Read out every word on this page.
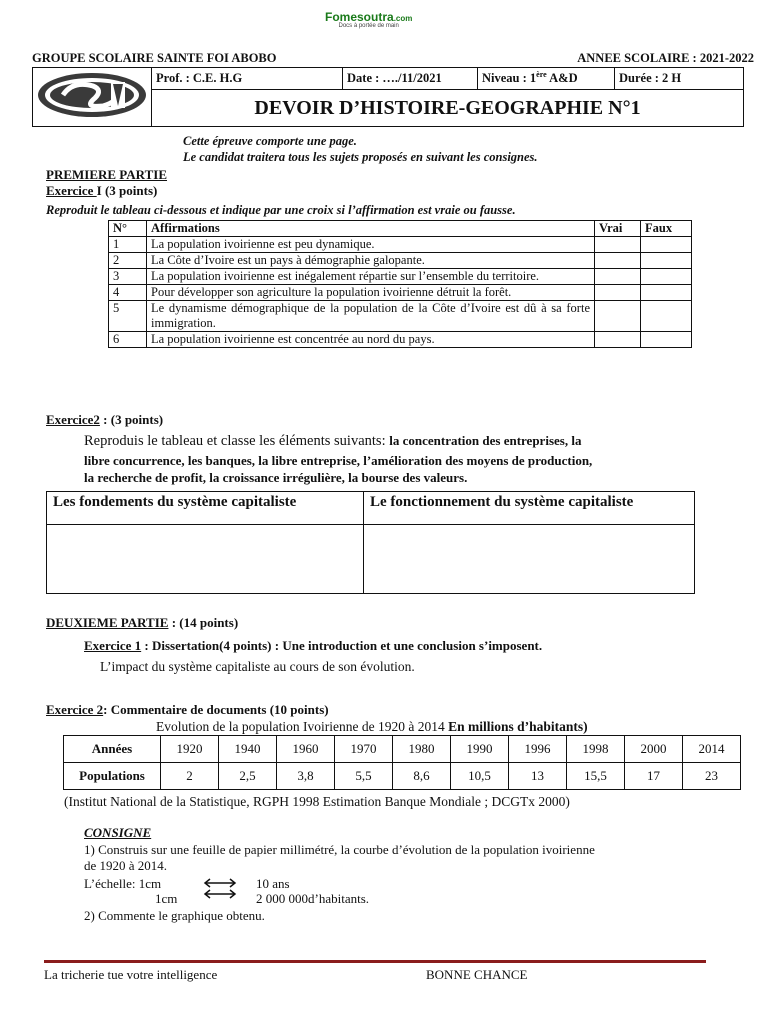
Fomesoutra.com
Docs à portée de main
GROUPE SCOLAIRE SAINTE FOI ABOBO	ANNEE SCOLAIRE : 2021-2022
	Prof. : C.E. H.G	Date : …./11/2021	Niveau : 1ère A&D	Durée : 2 H
DEVOIR D’HISTOIRE-GEOGRAPHIE N°1
Cette épreuve comporte une page.
Le candidat traitera tous les sujets proposés en suivant les consignes.
PREMIERE PARTIE
Exercice I (3 points)
Reproduit le tableau ci-dessous et indique par une croix si l’affirmation est vraie ou fausse.
N°	Affirmations	Vrai	Faux
1	La population ivoirienne est peu dynamique.		
2	La Côte d’Ivoire est un pays à démographie galopante.		
3	La population ivoirienne est inégalement répartie sur l’ensemble du territoire.		
4	Pour développer son agriculture la population ivoirienne détruit la forêt.		
5	Le dynamisme démographique de la population de la Côte d’Ivoire est dû à sa forte immigration.		
6	La population ivoirienne est concentrée au nord du pays.		
Exercice2 : (3 points)
Reproduis le tableau et classe les éléments suivants: la concentration des entreprises, la
libre concurrence, les banques, la libre entreprise, l’amélioration des moyens de production,
la recherche de profit, la croissance irrégulière, la bourse des valeurs.
Les fondements du système capitaliste	Le fonctionnement du système capitaliste

DEUXIEME PARTIE : (14 points)
Exercice 1 : Dissertation(4 points) : Une introduction et une conclusion s’imposent.
L’impact du système capitaliste au cours de son évolution.
Exercice 2: Commentaire de documents (10 points)
Evolution de la population Ivoirienne de 1920 à 2014 En millions d’habitants)
Années	1920	1940	1960	1970	1980	1990	1996	1998	2000	2014
Populations	2	2,5	3,8	5,5	8,6	10,5	13	15,5	17	23
(Institut National de la Statistique, RGPH 1998 Estimation Banque Mondiale ; DCGTx 2000)
CONSIGNE
1) Construis sur une feuille de papier millimétré, la courbe d’évolution de la population ivoirienne
de 1920 à 2014.
L’échelle: 1cm	10 ans
1cm	2 000 000d’habitants.
2) Commente le graphique obtenu.
La tricherie tue votre intelligence	BONNE CHANCE
